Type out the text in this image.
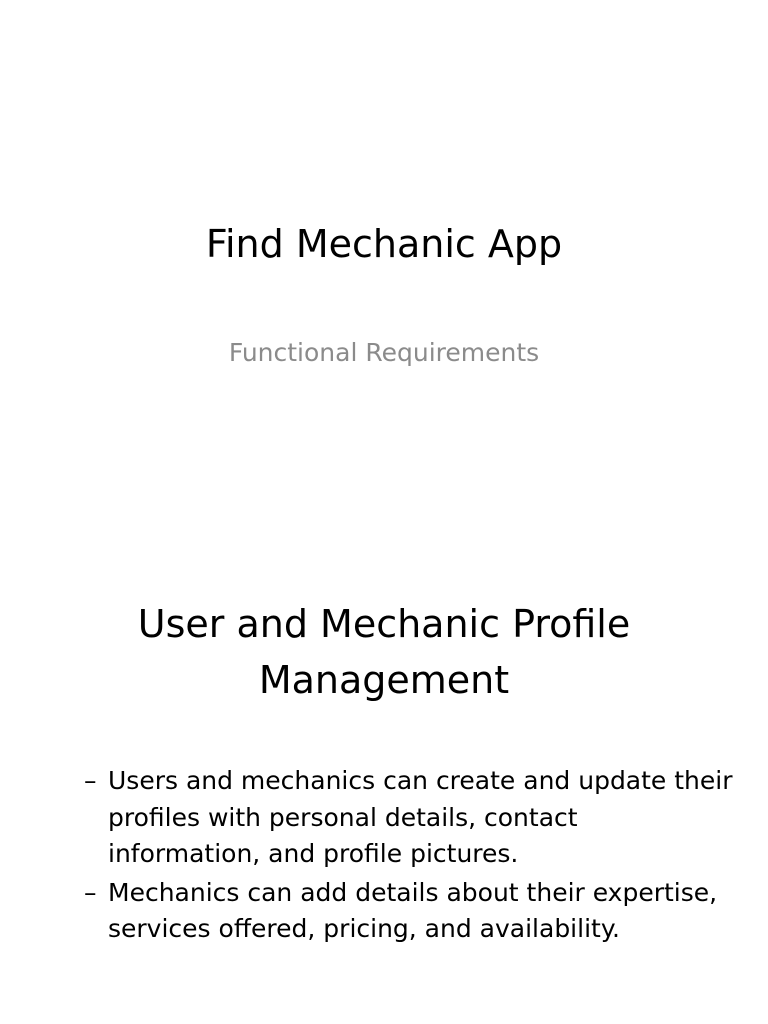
Find Mechanic App

Functional Requirements

User and Mechanic Profile Management
– Users and mechanics can create and update their profiles with personal details, contact information, and profile pictures.
– Mechanics can add details about their expertise, services offered, pricing, and availability.
